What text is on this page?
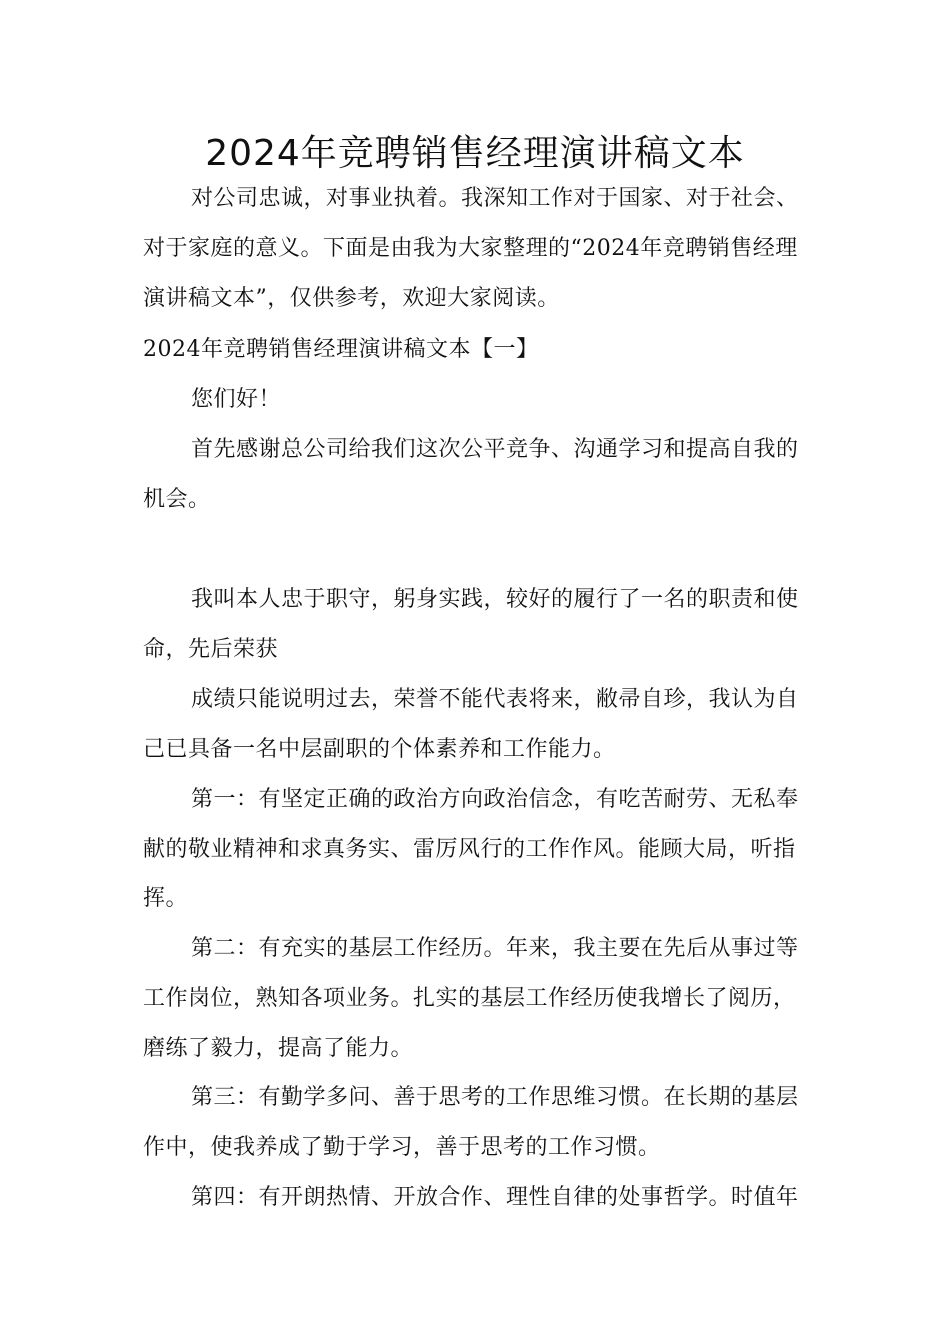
2024年竞聘销售经理演讲稿文本
对公司忠诚，对事业执着。我深知工作对于国家、对于社会、
对于家庭的意义。下面是由我为大家整理的“2024年竞聘销售经理
演讲稿文本”，仅供参考，欢迎大家阅读。
2024年竞聘销售经理演讲稿文本【一】
您们好！
首先感谢总公司给我们这次公平竞争、沟通学习和提高自我的
机会。
我叫本人忠于职守，躬身实践，较好的履行了一名的职责和使
命，先后荣获
成绩只能说明过去，荣誉不能代表将来，敝帚自珍，我认为自
己已具备一名中层副职的个体素养和工作能力。
第一：有坚定正确的政治方向政治信念，有吃苦耐劳、无私奉
献的敬业精神和求真务实、雷厉风行的工作作风。能顾大局，听指
挥。
第二：有充实的基层工作经历。年来，我主要在先后从事过等
工作岗位，熟知各项业务。扎实的基层工作经历使我增长了阅历，
磨练了毅力，提高了能力。
第三：有勤学多问、善于思考的工作思维习惯。在长期的基层
作中，使我养成了勤于学习，善于思考的工作习惯。
第四：有开朗热情、开放合作、理性自律的处事哲学。时值年
